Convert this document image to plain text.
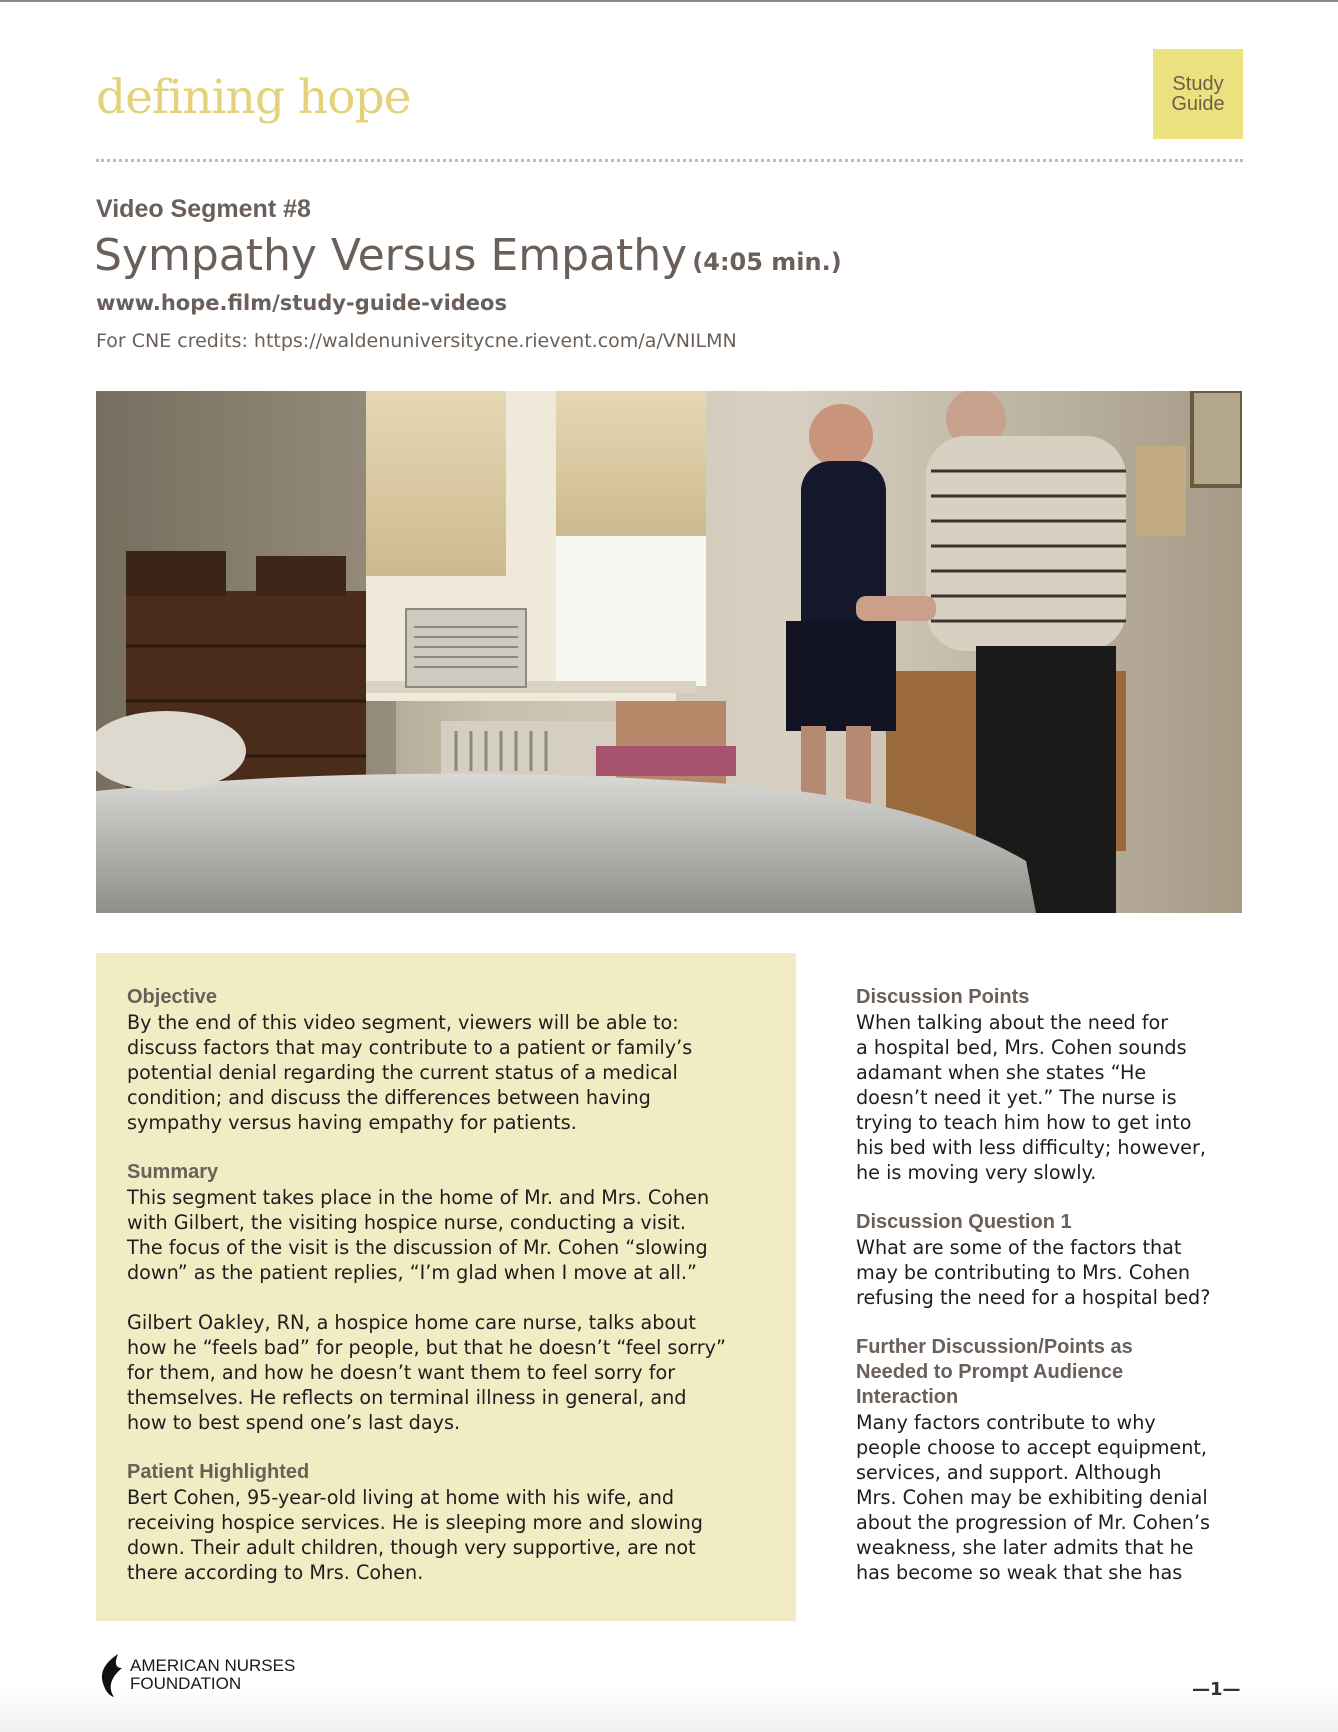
defining hope	Study
Guide
Video Segment #8
Sympathy Versus Empathy (4:05 min.)
www.hope.film/study-guide-videos
For CNE credits: https://waldenuniversitycne.rievent.com/a/VNILMN
Objective
By the end of this video segment, viewers will be able to:
discuss factors that may contribute to a patient or family’s
potential denial regarding the current status of a medical
condition; and discuss the differences between having
sympathy versus having empathy for patients.
Summary
This segment takes place in the home of Mr. and Mrs. Cohen
with Gilbert, the visiting hospice nurse, conducting a visit.
The focus of the visit is the discussion of Mr. Cohen “slowing
down” as the patient replies, “I’m glad when I move at all.”
Gilbert Oakley, RN, a hospice home care nurse, talks about
how he “feels bad” for people, but that he doesn’t “feel sorry”
for them, and how he doesn’t want them to feel sorry for
themselves. He reflects on terminal illness in general, and
how to best spend one’s last days.
Patient Highlighted
Bert Cohen, 95-year-old living at home with his wife, and
receiving hospice services. He is sleeping more and slowing
down. Their adult children, though very supportive, are not
there according to Mrs. Cohen.
Discussion Points
When talking about the need for
a hospital bed, Mrs. Cohen sounds
adamant when she states “He
doesn’t need it yet.” The nurse is
trying to teach him how to get into
his bed with less difficulty; however,
he is moving very slowly.
Discussion Question 1
What are some of the factors that
may be contributing to Mrs. Cohen
refusing the need for a hospital bed?
Further Discussion/Points as
Needed to Prompt Audience
Interaction
Many factors contribute to why
people choose to accept equipment,
services, and support. Although
Mrs. Cohen may be exhibiting denial
about the progression of Mr. Cohen’s
weakness, she later admits that he
has become so weak that she has
AMERICAN NURSES
FOUNDATION	—1—
